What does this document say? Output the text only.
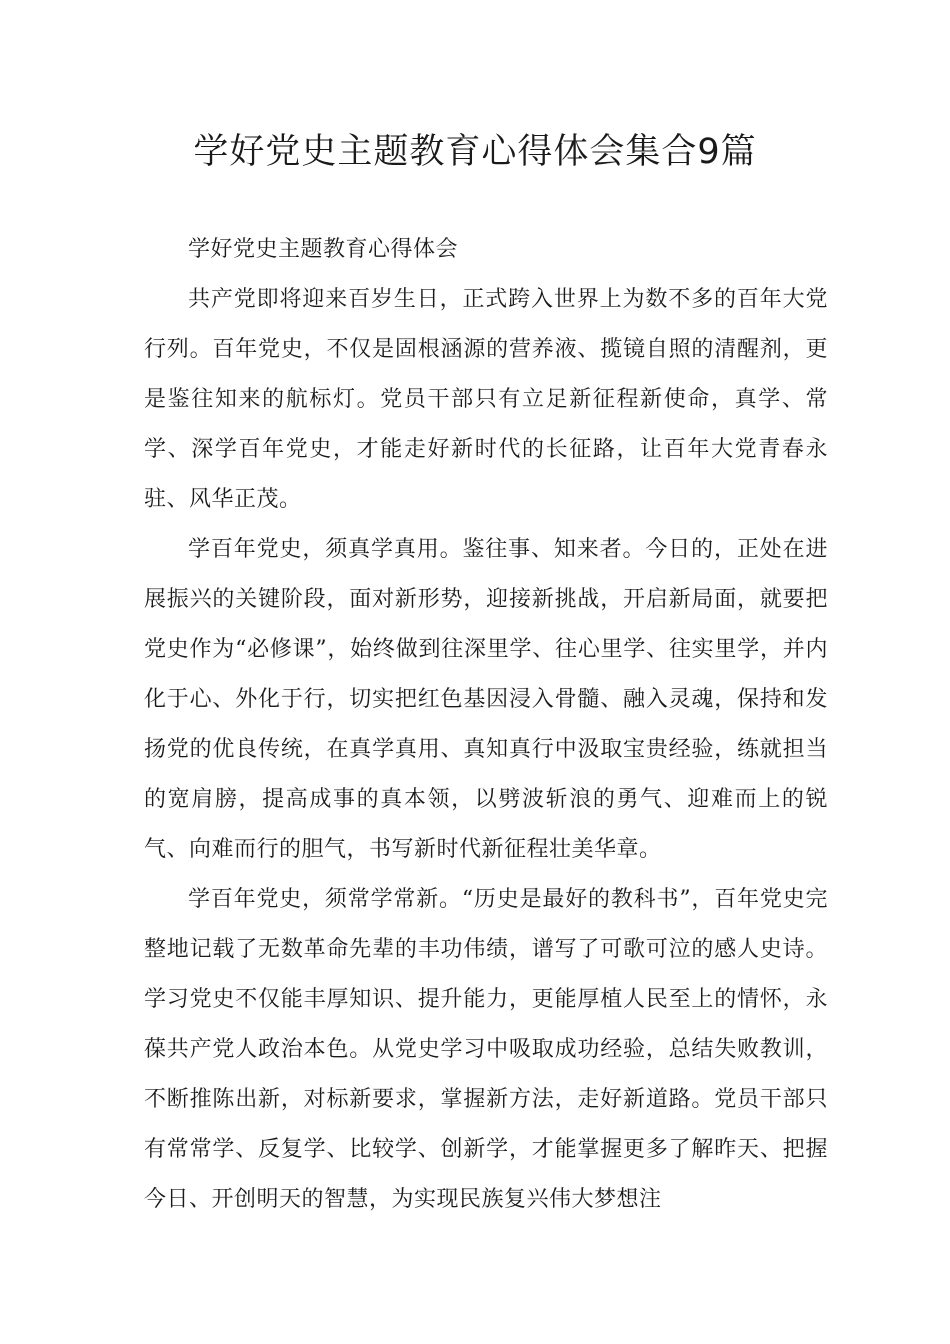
学好党史主题教育心得体会集合9篇

学好党史主题教育心得体会

共产党即将迎来百岁生日，正式跨入世界上为数不多的百年大党行列。百年党史，不仅是固根涵源的营养液、揽镜自照的清醒剂，更是鉴往知来的航标灯。党员干部只有立足新征程新使命，真学、常学、深学百年党史，才能走好新时代的长征路，让百年大党青春永驻、风华正茂。

学百年党史，须真学真用。鉴往事、知来者。今日的，正处在进展振兴的关键阶段，面对新形势，迎接新挑战，开启新局面，就要把党史作为“必修课”，始终做到往深里学、往心里学、往实里学，并内化于心、外化于行，切实把红色基因浸入骨髓、融入灵魂，保持和发扬党的优良传统，在真学真用、真知真行中汲取宝贵经验，练就担当的宽肩膀，提高成事的真本领，以劈波斩浪的勇气、迎难而上的锐气、向难而行的胆气，书写新时代新征程壮美华章。

学百年党史，须常学常新。“历史是最好的教科书”，百年党史完整地记载了无数革命先辈的丰功伟绩，谱写了可歌可泣的感人史诗。学习党史不仅能丰厚知识、提升能力，更能厚植人民至上的情怀，永葆共产党人政治本色。从党史学习中吸取成功经验，总结失败教训，不断推陈出新，对标新要求，掌握新方法，走好新道路。党员干部只有常常学、反复学、比较学、创新学，才能掌握更多了解昨天、把握今日、开创明天的智慧，为实现民族复兴伟大梦想注
